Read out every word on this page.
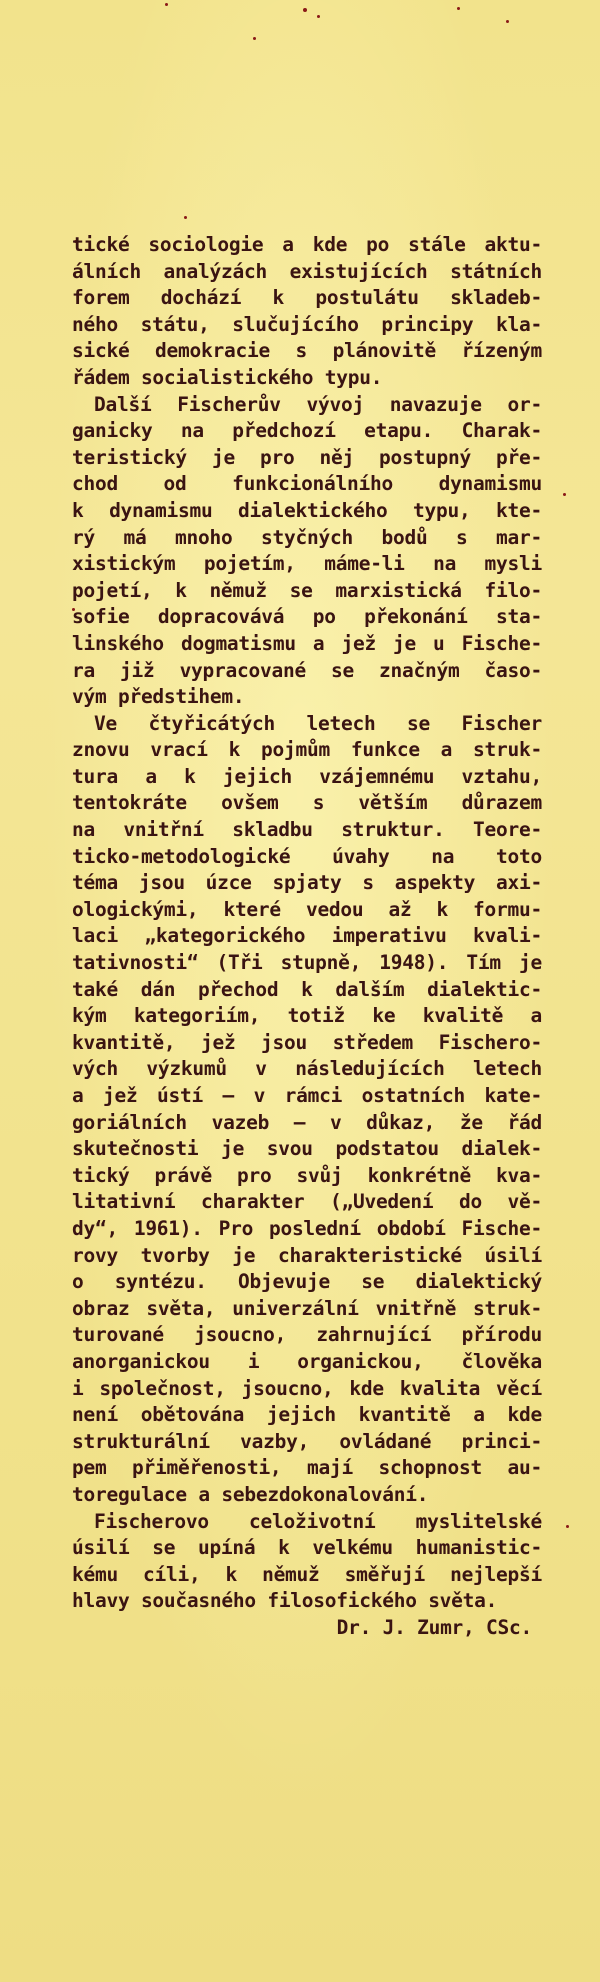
tické sociologie a kde po stále aktu-
álních analýzách existujících státních
forem dochází k postulátu skladeb-
ného státu, slučujícího principy kla-
sické demokracie s plánovitě řízeným
řádem socialistického typu.

Další Fischerův vývoj navazuje or-
ganicky na předchozí etapu. Charak-
teristický je pro něj postupný pře-
chod od funkcionálního dynamismu
k dynamismu dialektického typu, kte-
rý má mnoho styčných bodů s mar-
xistickým pojetím, máme-li na mysli
pojetí, k němuž se marxistická filo-
sofie dopracovává po překonání sta-
linského dogmatismu a jež je u Fische-
ra již vypracované se značným časo-
vým předstihem.

Ve čtyřicátých letech se Fischer
znovu vrací k pojmům funkce a struk-
tura a k jejich vzájemnému vztahu,
tentokráte ovšem s větším důrazem
na vnitřní skladbu struktur. Teore-
ticko-metodologické úvahy na toto
téma jsou úzce spjaty s aspekty axi-
ologickými, které vedou až k formu-
laci „kategorického imperativu kvali-
tativnosti“ (Tři stupně, 1948). Tím je
také dán přechod k dalším dialektic-
kým kategoriím, totiž ke kvalitě a
kvantitě, jež jsou středem Fischero-
vých výzkumů v následujících letech
a jež ústí — v rámci ostatních kate-
goriálních vazeb — v důkaz, že řád
skutečnosti je svou podstatou dialek-
tický právě pro svůj konkrétně kva-
litativní charakter („Uvedení do vě-
dy“, 1961). Pro poslední období Fische-
rovy tvorby je charakteristické úsilí
o syntézu. Objevuje se dialektický
obraz světa, univerzální vnitřně struk-
turované jsoucno, zahrnující přírodu
anorganickou i organickou, člověka
i společnost, jsoucno, kde kvalita věcí
není obětována jejich kvantitě a kde
strukturální vazby, ovládané princi-
pem přiměřenosti, mají schopnost au-
toregulace a sebezdokonalování.

Fischerovo celoživotní myslitelské
úsilí se upíná k velkému humanistic-
kému cíli, k němuž směřují nejlepší
hlavy současného filosofického světa.

Dr. J. Zumr, CSc.
